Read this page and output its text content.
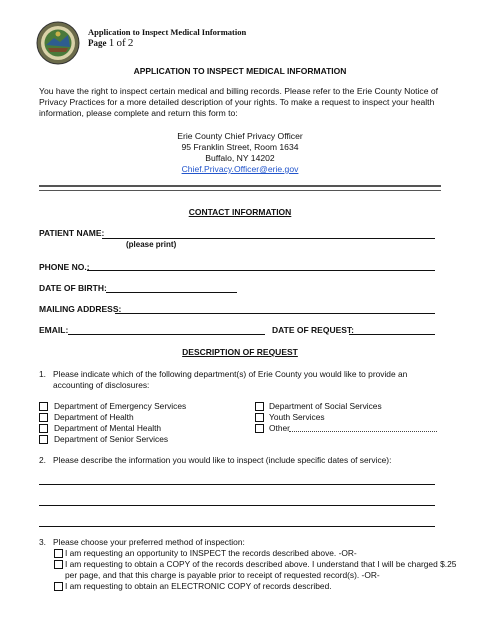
Application to Inspect Medical Information
Page 1 of 2
APPLICATION TO INSPECT MEDICAL INFORMATION
You have the right to inspect certain medical and billing records. Please refer to the Erie County Notice of Privacy Practices for a more detailed description of your rights. To make a request to inspect your health information, please complete and return this form to:
Erie County Chief Privacy Officer
95 Franklin Street, Room 1634
Buffalo, NY 14202
Chief.Privacy.Officer@erie.gov
CONTACT INFORMATION
PATIENT NAME:
(please print)
PHONE NO.:
DATE OF BIRTH:
MAILING ADDRESS:
EMAIL:	DATE OF REQUEST:
DESCRIPTION OF REQUEST
1. Please indicate which of the following department(s) of Erie County you would like to provide an accounting of disclosures:
Department of Emergency Services
Department of Health
Department of Mental Health
Department of Senior Services
Department of Social Services
Youth Services
Other
2. Please describe the information you would like to inspect (include specific dates of service):
3. Please choose your preferred method of inspection:
I am requesting an opportunity to INSPECT the records described above. -OR-
I am requesting to obtain a COPY of the records described above. I understand that I will be charged $.25
per page, and that this charge is payable prior to receipt of requested record(s). -OR-
I am requesting to obtain an ELECTRONIC COPY of records described.
